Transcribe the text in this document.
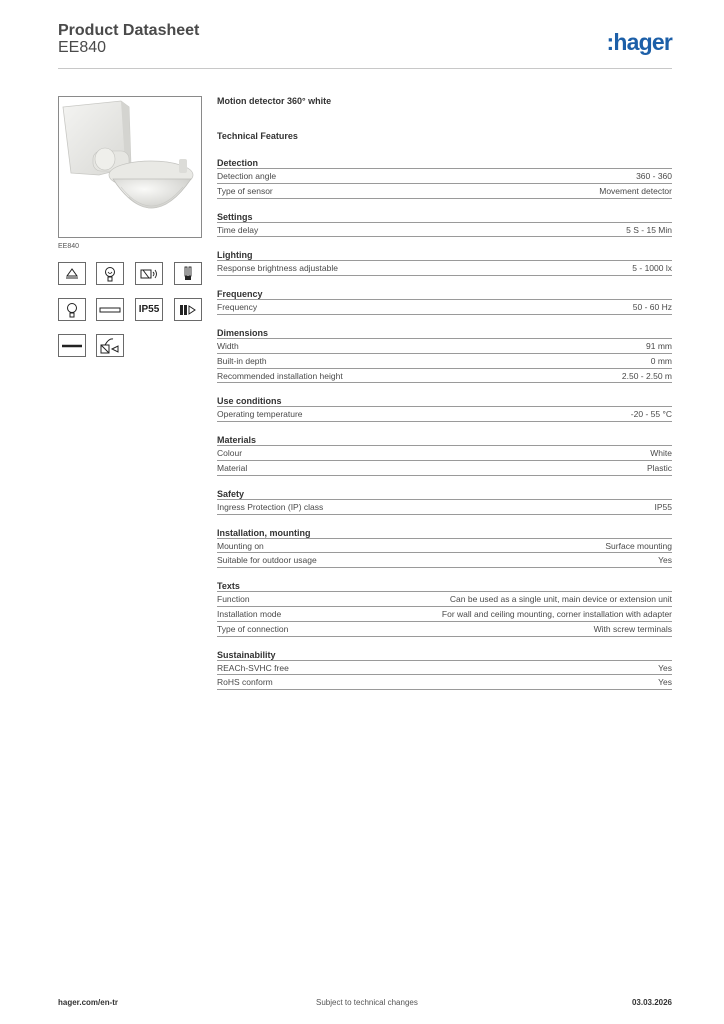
Product Datasheet
EE840	:hager
EE840
IP55
Motion detector 360° white
Technical Features
Detection
Detection angle	360 - 360
Type of sensor	Movement detector
Settings
Time delay	5 S - 15 Min
Lighting
Response brightness adjustable	5 - 1000 lx
Frequency
Frequency	50 - 60 Hz
Dimensions
Width	91 mm
Built-in depth	0 mm
Recommended installation height	2.50 - 2.50 m
Use conditions
Operating temperature	-20 - 55 °C
Materials
Colour	White
Material	Plastic
Safety
Ingress Protection (IP) class	IP55
Installation, mounting
Mounting on	Surface mounting
Suitable for outdoor usage	Yes
Texts
Function	Can be used as a single unit, main device or extension unit
Installation mode	For wall and ceiling mounting, corner installation with adapter
Type of connection	With screw terminals
Sustainability
REACh-SVHC free	Yes
RoHS conform	Yes
hager.com/en-tr	Subject to technical changes	03.03.2026
